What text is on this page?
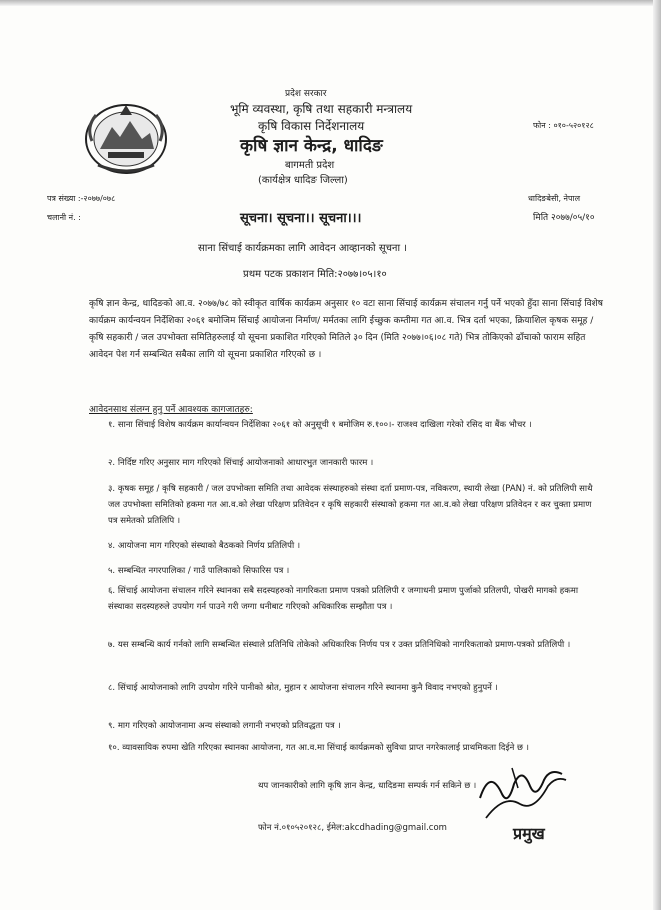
प्रदेश सरकार
भूमि व्यवस्था, कृषि तथा सहकारी मन्त्रालय
कृषि विकास निर्देशनालय
कृषि ज्ञान केन्द्र, धादिङ
बागमती प्रदेश
(कार्यक्षेत्र धादिङ जिल्ला)
फोन : ०१०-५२०१२८
धादिङबेसी, नेपाल
पत्र संख्या :-२०७७/०७८
चलानी नं. :	मिति २०७७/०५/१०
सूचना। सूचना।। सूचना।।।
साना सिंचाई कार्यक्रमका लागि आवेदन आव्हानको सूचना ।
प्रथम पटक प्रकाशन मिति:२०७७।०५।१०
कृषि ज्ञान केन्द्र, धादिङको आ.व. २०७७/७८ को स्वीकृत वार्षिक कार्यक्रम अनुसार १० वटा साना सिंचाई कार्यक्रम संचालन गर्नु पर्ने भएको हुँदा साना सिंचाई विशेष कार्यक्रम कार्यन्वयन निर्देशिका २०६१ बमोजिम सिंचाई आयोजना निर्माण/ मर्मतका लागि ईच्छुक कम्तीमा गत आ.व. भित्र दर्ता भएका, क्रियाशिल कृषक समूह / कृषि सहकारी / जल उपभोक्ता समितिहरुलाई यो सूचना प्रकाशित गरिएको मितिले ३० दिन (मिति २०७७।०६।०८ गते) भित्र तोकिएको ढाँचाको फाराम सहित आवेदन पेश गर्न सम्बन्धित सबैका लागि यो सूचना प्रकाशित गरिएको छ ।
आवेदनसाथ संलग्न हुनु पर्ने आवश्यक कागजातहरु:
१. साना सिंचाई विशेष कार्यक्रम कार्यान्वयन निर्देशिका २०६१ को अनुसूची १ बमोजिम रु.१००।- राजश्व दाखिला गरेको रसिद वा बैंक भौचर ।
२. निर्दिष्ट गरिए अनुसार माग गरिएको सिंचाई आयोजनाको आधारभुत जानकारी फारम ।
३. कृषक समूह / कृषि सहकारी / जल उपभोक्ता समिति तथा आवेदक संस्थाहरुको संस्था दर्ता प्रमाण-पत्र, नविकरण, स्थायी लेखा (PAN) नं. को प्रतिलिपी साथै जल उपभोक्ता समितिको हकमा गत आ.व.को लेखा परिक्षण प्रतिवेदन र कृषि सहकारी संस्थाको हकमा गत आ.व.को लेखा परिक्षण प्रतिवेदन र कर चुक्ता प्रमाण पत्र समेतको प्रतिलिपि ।
४. आयोजना माग गरिएको संस्थाको बैठकको निर्णय प्रतिलिपी ।
५. सम्बन्धित नगरपालिका / गाउँ पालिकाको सिफारिस पत्र ।
६. सिंचाई आयोजना संचालन गरिने स्थानका सबै सदस्यहरुको नागरिकता प्रमाण पत्रको प्रतिलिपी र जग्गाधनी प्रमाण पुर्जाको प्रतिलपी, पोखरी मागको हकमा संस्थाका सदस्यहरुले उपयोग गर्न पाउने गरी जग्गा धनीबाट गरिएको अधिकारिक सम्झौता पत्र ।
७. यस सम्बन्धि कार्य गर्नको लागि सम्बन्धित संस्थाले प्रतिनिधि तोकेको अधिकारिक निर्णय पत्र र उक्त प्रतिनिधिको नागरिकताको प्रमाण-पत्रको प्रतिलिपी ।
८. सिंचाई आयोजनाको लागि उपयोग गरिने पानीको श्रोत, मुहान र आयोजना संचालन गरिने स्थानमा कुनै विवाद नभएको हुनुपर्ने ।
९. माग गरिएको आयोजनामा अन्य संस्थाको लगानी नभएको प्रतिवद्धता पत्र ।
१०. व्यावसायिक रुपमा खेति गरिएका स्थानका आयोजना, गत आ.व.मा सिंचाई कार्यक्रमको सुविधा प्राप्त नगरेकालाई प्राथमिकता दिईने छ ।
थप जानकारीको लागि कृषि ज्ञान केन्द्र, धादिङमा सम्पर्क गर्न सकिने छ ।
फोन नं.०१०५२०१२८, ईमेल:akcdhading@gmail.com	प्रमुख
